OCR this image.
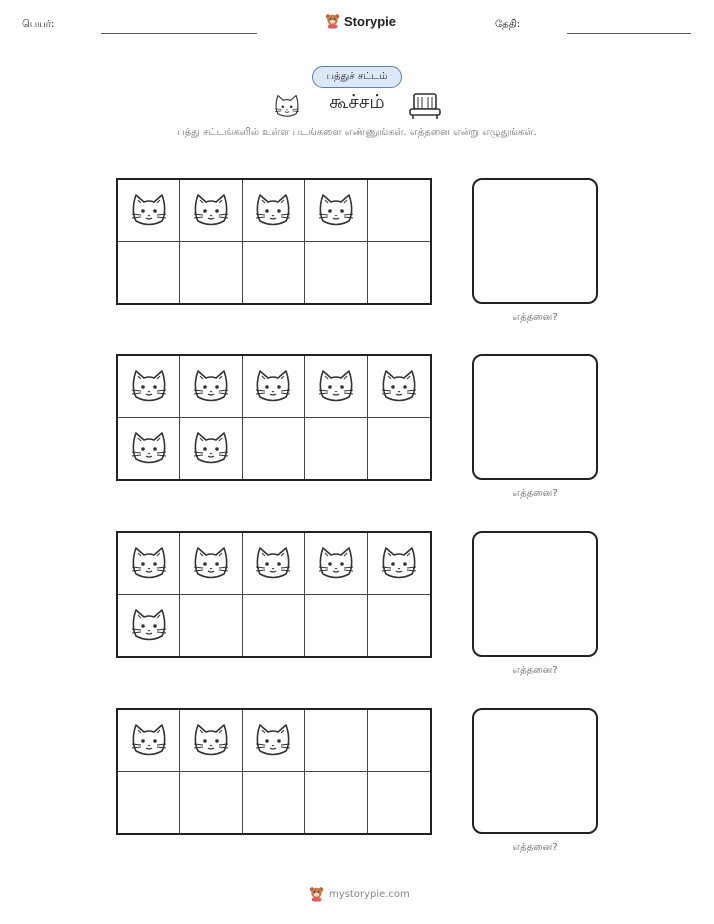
பெயர்:	Storypie	தேதி:
பத்துச் சட்டம்
கூச்சம்
பத்து சட்டங்களில் உள்ள படங்களை எண்ணுங்கள். எத்தனை என்று எழுதுங்கள்.
எத்தனை?
எத்தனை?
எத்தனை?
எத்தனை?
mystorypie.com
